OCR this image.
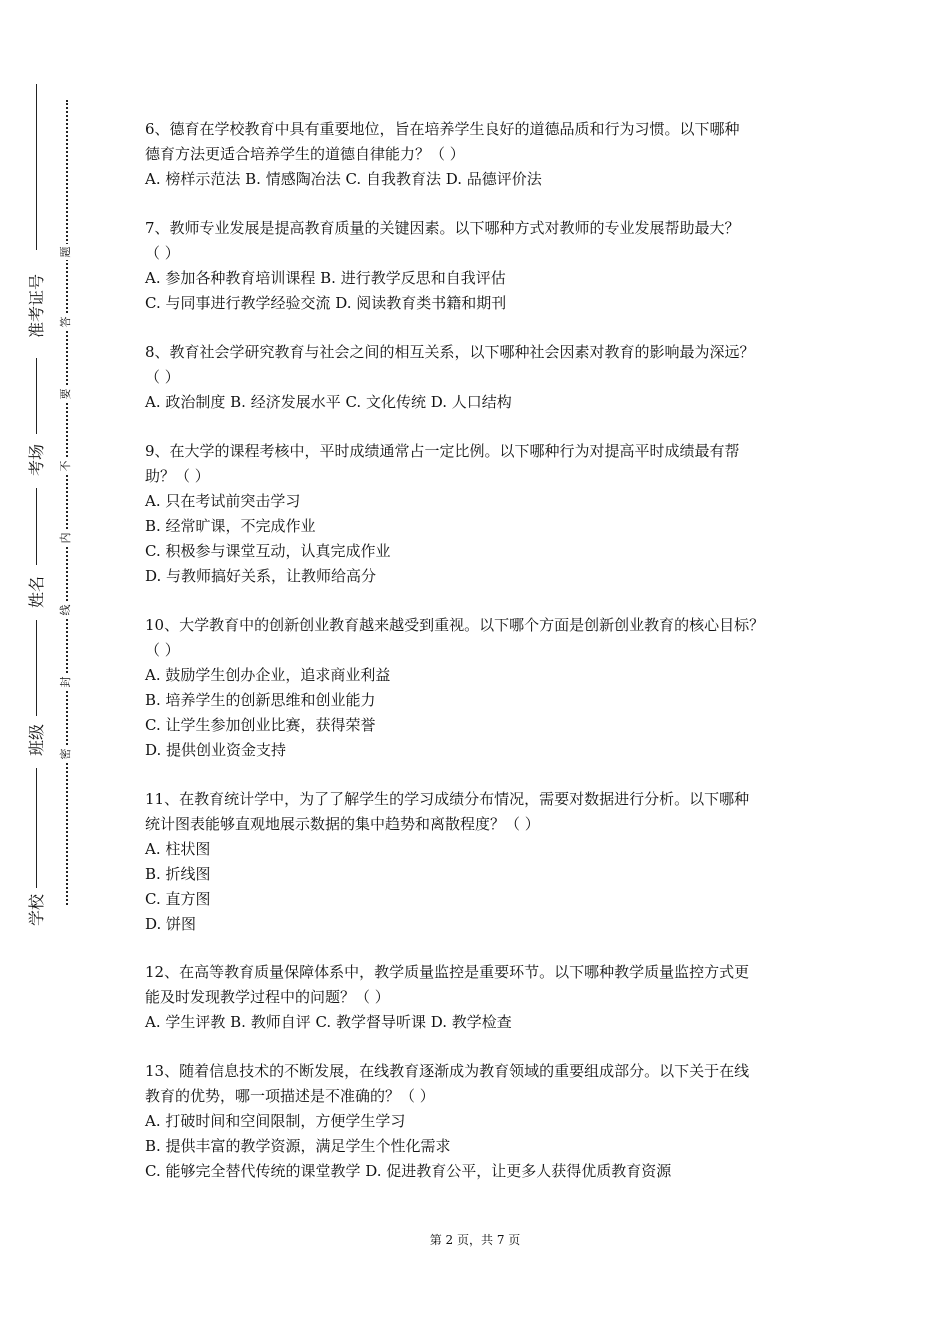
题
答
要
不
内
线
封
密
准考证号
考场
姓名
班级
学校

6、德育在学校教育中具有重要地位，旨在培养学生良好的道德品质和行为习惯。以下哪种

德育方法更适合培养学生的道德自律能力？（ ）

A. 榜样示范法 B. 情感陶冶法 C. 自我教育法 D. 品德评价法

7、教师专业发展是提高教育质量的关键因素。以下哪种方式对教师的专业发展帮助最大？

（ ）

A. 参加各种教育培训课程 B. 进行教学反思和自我评估

C. 与同事进行教学经验交流 D. 阅读教育类书籍和期刊

8、教育社会学研究教育与社会之间的相互关系，以下哪种社会因素对教育的影响最为深远？

（ ）

A. 政治制度 B. 经济发展水平 C. 文化传统 D. 人口结构

9、在大学的课程考核中，平时成绩通常占一定比例。以下哪种行为对提高平时成绩最有帮

助？（ ）

A. 只在考试前突击学习

B. 经常旷课，不完成作业

C. 积极参与课堂互动，认真完成作业

D. 与教师搞好关系，让教师给高分

10、大学教育中的创新创业教育越来越受到重视。以下哪个方面是创新创业教育的核心目标？

（ ）

A. 鼓励学生创办企业，追求商业利益

B. 培养学生的创新思维和创业能力

C. 让学生参加创业比赛，获得荣誉

D. 提供创业资金支持

11、在教育统计学中，为了了解学生的学习成绩分布情况，需要对数据进行分析。以下哪种

统计图表能够直观地展示数据的集中趋势和离散程度？（ ）

A. 柱状图

B. 折线图

C. 直方图

D. 饼图

12、在高等教育质量保障体系中，教学质量监控是重要环节。以下哪种教学质量监控方式更

能及时发现教学过程中的问题？（ ）

A. 学生评教 B. 教师自评 C. 教学督导听课 D. 教学检查

13、随着信息技术的不断发展，在线教育逐渐成为教育领域的重要组成部分。以下关于在线

教育的优势，哪一项描述是不准确的？（ ）

A. 打破时间和空间限制，方便学生学习

B. 提供丰富的教学资源，满足学生个性化需求

C. 能够完全替代传统的课堂教学 D. 促进教育公平，让更多人获得优质教育资源

第 2 页，共 7 页
